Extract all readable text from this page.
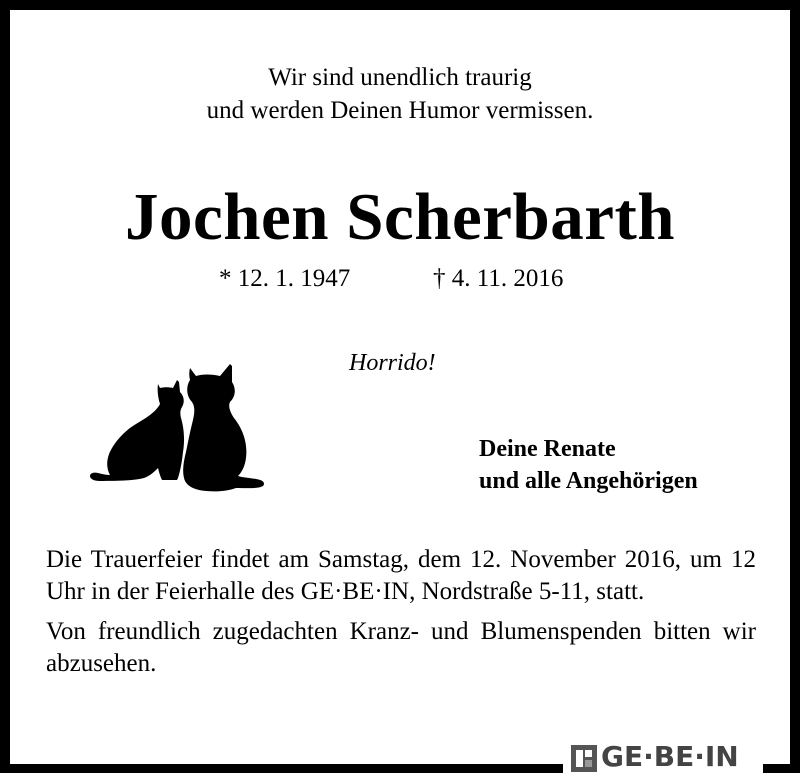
Wir sind unendlich traurig
und werden Deinen Humor vermissen.
Jochen Scherbarth
* 12. 1. 1947	† 4. 11. 2016
Horrido!
Deine Renate
und alle Angehörigen

Die Trauerfeier findet am Samstag, dem 12. November 2016, um 12 Uhr in der Feierhalle des GE·BE·IN, Nordstraße 5-11, statt.

Von freundlich zugedachten Kranz- und Blumenspenden bitten wir abzusehen.

GE·BE·IN
